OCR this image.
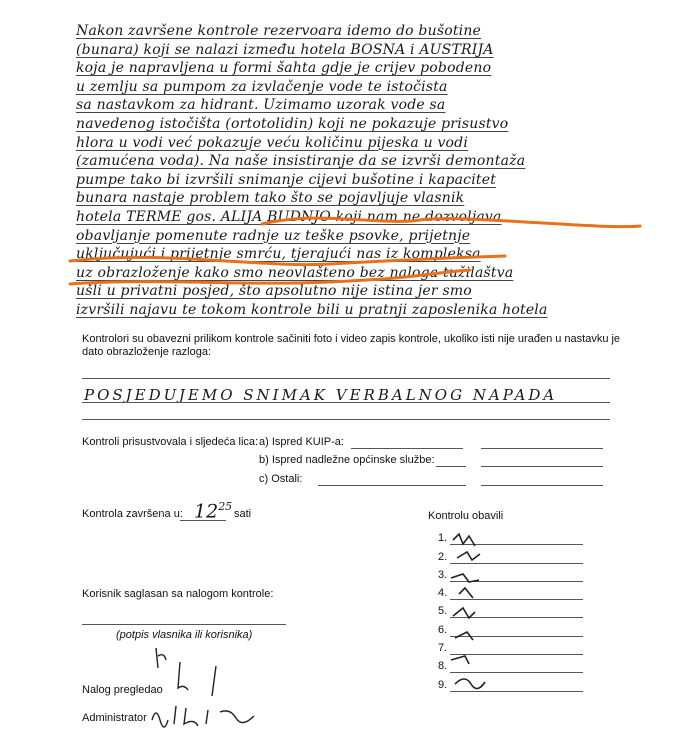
Nakon završene kontrole rezervoara idemo do bušotine
(bunara) koji se nalazi između hotela BOSNA i AUSTRIJA
koja je napravljena u formi šahta gdje je crijev pobodeno
u zemlju sa pumpom za izvlačenje vode te istočista
sa nastavkom za hidrant. Uzimamo uzorak vode sa
navedenog istočišta (ortotolidin) koji ne pokazuje prisustvo
hlora u vodi već pokazuje veću količinu pijeska u vodi
(zamućena voda). Na naše insistiranje da se izvrši demontaža
pumpe tako bi izvršili snimanje cijevi bušotine i kapacitet
bunara nastaje problem tako što se pojavljuje vlasnik
hotela TERME gos. ALIJA BUDNJO koji nam ne dozvoljava
obavljanje pomenute radnje uz teške psovke, prijetnje
uključujući i prijetnje smrću, tjerajući nas iz kompleksa
uz obrazloženje kako smo neovlašteno bez naloga tužilaštva
ušli u privatni posjed, što apsolutno nije istina jer smo
izvršili najavu te tokom kontrole bili u pratnji zaposlenika hotela
Kontrolori su obavezni prilikom kontrole sačiniti foto i video zapis kontrole, ukoliko isti nije urađen u nastavku je
dato obrazloženje razloga:
POSJEDUJEMO SNIMAK VERBALNOG NAPADA
Kontroli prisustvovala i sljedeća lica: a) Ispred KUIP-a:
b) Ispred nadležne općinske službe:
c) Ostali:
Kontrola završena u: $12^{25}$
sati	Kontrolu obavili
1.
2.
3.
4.
5.
6.
7.
8.
9.
Korisnik saglasan sa nalogom kontrole:
(potpis vlasnika ili korisnika)
Nalog pregledao
Administrator
